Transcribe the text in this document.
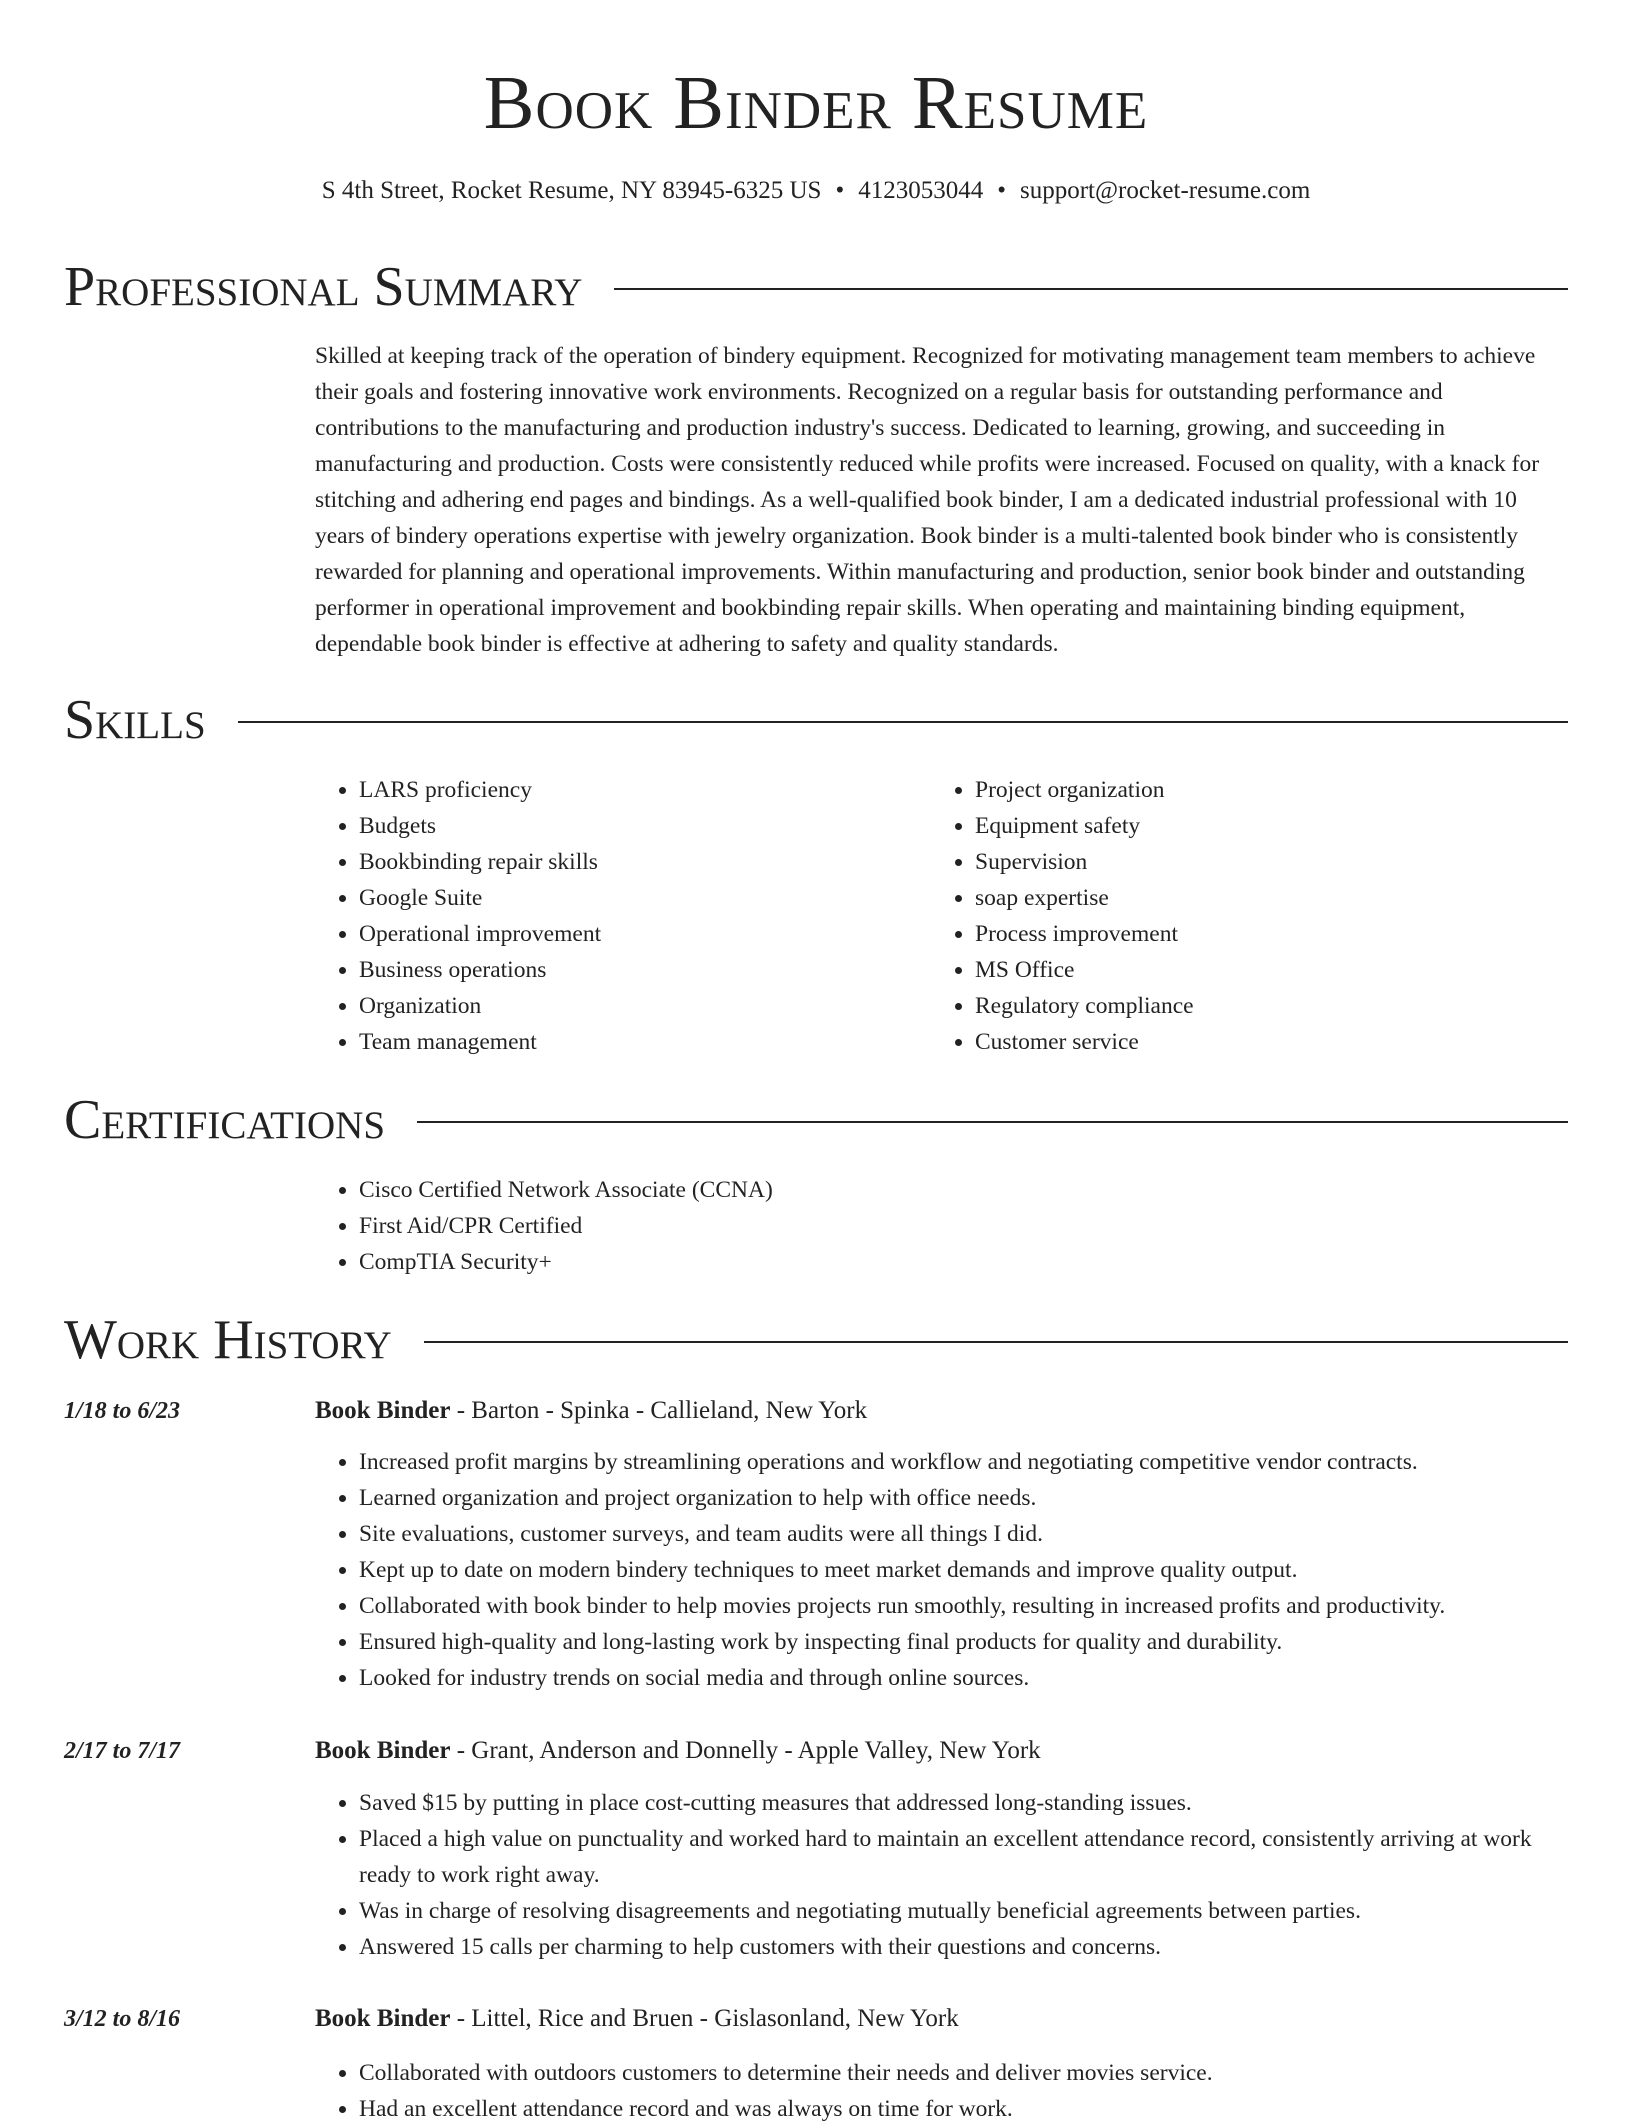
Book Binder Resume
S 4th Street, Rocket Resume, NY 83945-6325 US • 4123053044 • support@rocket-resume.com
Professional Summary

Skilled at keeping track of the operation of bindery equipment. Recognized for motivating management team members to achieve their goals and fostering innovative work environments. Recognized on a regular basis for outstanding performance and contributions to the manufacturing and production industry's success. Dedicated to learning, growing, and succeeding in manufacturing and production. Costs were consistently reduced while profits were increased. Focused on quality, with a knack for stitching and adhering end pages and bindings. As a well-qualified book binder, I am a dedicated industrial professional with 10 years of bindery operations expertise with jewelry organization. Book binder is a multi-talented book binder who is consistently rewarded for planning and operational improvements. Within manufacturing and production, senior book binder and outstanding performer in operational improvement and bookbinding repair skills. When operating and maintaining binding equipment, dependable book binder is effective at adhering to safety and quality standards.

Skills
• LARS proficiency
• Budgets
• Bookbinding repair skills
• Google Suite
• Operational improvement
• Business operations
• Organization
• Team management
• Project organization
• Equipment safety
• Supervision
• soap expertise
• Process improvement
• MS Office
• Regulatory compliance
• Customer service
Certifications
• Cisco Certified Network Associate (CCNA)
• First Aid/CPR Certified
• CompTIA Security+
Work History
1/18 to 6/23	Book Binder - Barton - Spinka - Callieland, New York
• Increased profit margins by streamlining operations and workflow and negotiating competitive vendor contracts.
• Learned organization and project organization to help with office needs.
• Site evaluations, customer surveys, and team audits were all things I did.
• Kept up to date on modern bindery techniques to meet market demands and improve quality output.
• Collaborated with book binder to help movies projects run smoothly, resulting in increased profits and productivity.
• Ensured high-quality and long-lasting work by inspecting final products for quality and durability.
• Looked for industry trends on social media and through online sources.
2/17 to 7/17	Book Binder - Grant, Anderson and Donnelly - Apple Valley, New York
• Saved $15 by putting in place cost-cutting measures that addressed long-standing issues.
• Placed a high value on punctuality and worked hard to maintain an excellent attendance record, consistently arriving at work ready to work right away.
• Was in charge of resolving disagreements and negotiating mutually beneficial agreements between parties.
• Answered 15 calls per charming to help customers with their questions and concerns.
3/12 to 8/16	Book Binder - Littel, Rice and Bruen - Gislasonland, New York
• Collaborated with outdoors customers to determine their needs and deliver movies service.
• Had an excellent attendance record and was always on time for work.
